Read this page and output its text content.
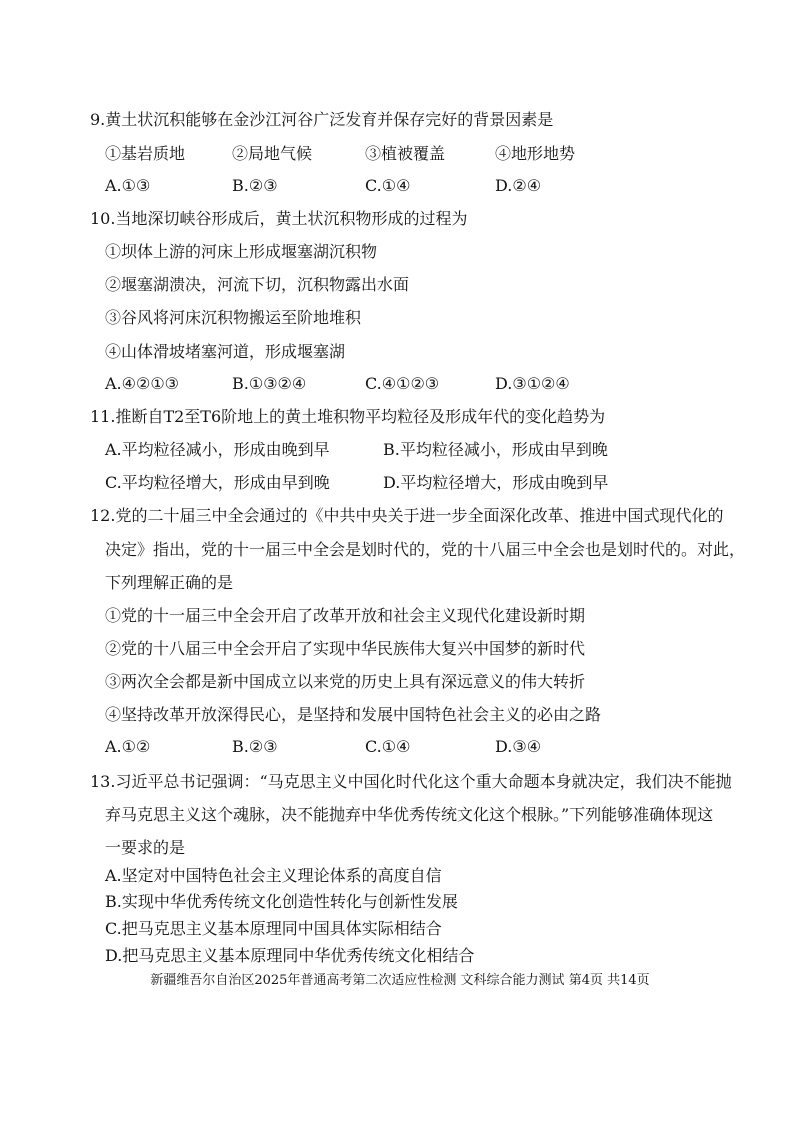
9.黄土状沉积能够在金沙江河谷广泛发育并保存完好的背景因素是
①基岩质地	②局地气候	③植被覆盖	④地形地势
A.①③	B.②③	C.①④	D.②④
10.当地深切峡谷形成后，黄土状沉积物形成的过程为
①坝体上游的河床上形成堰塞湖沉积物
②堰塞湖溃决，河流下切，沉积物露出水面
③谷风将河床沉积物搬运至阶地堆积
④山体滑坡堵塞河道，形成堰塞湖
A.④②①③	B.①③②④	C.④①②③	D.③①②④
11.推断自T2至T6阶地上的黄土堆积物平均粒径及形成年代的变化趋势为
A.平均粒径减小，形成由晚到早	B.平均粒径减小，形成由早到晚
C.平均粒径增大，形成由早到晚	D.平均粒径增大，形成由晚到早
12.党的二十届三中全会通过的《中共中央关于进一步全面深化改革、推进中国式现代化的
决定》指出，党的十一届三中全会是划时代的，党的十八届三中全会也是划时代的。对此，
下列理解正确的是
①党的十一届三中全会开启了改革开放和社会主义现代化建设新时期
②党的十八届三中全会开启了实现中华民族伟大复兴中国梦的新时代
③两次全会都是新中国成立以来党的历史上具有深远意义的伟大转折
④坚持改革开放深得民心，是坚持和发展中国特色社会主义的必由之路
A.①②	B.②③	C.①④	D.③④
13.习近平总书记强调：“马克思主义中国化时代化这个重大命题本身就决定，我们决不能抛
弃马克思主义这个魂脉，决不能抛弃中华优秀传统文化这个根脉。”下列能够准确体现这
一要求的是
A.坚定对中国特色社会主义理论体系的高度自信
B.实现中华优秀传统文化创造性转化与创新性发展
C.把马克思主义基本原理同中国具体实际相结合
D.把马克思主义基本原理同中华优秀传统文化相结合
新疆维吾尔自治区2025年普通高考第二次适应性检测 文科综合能力测试 第4页 共14页
